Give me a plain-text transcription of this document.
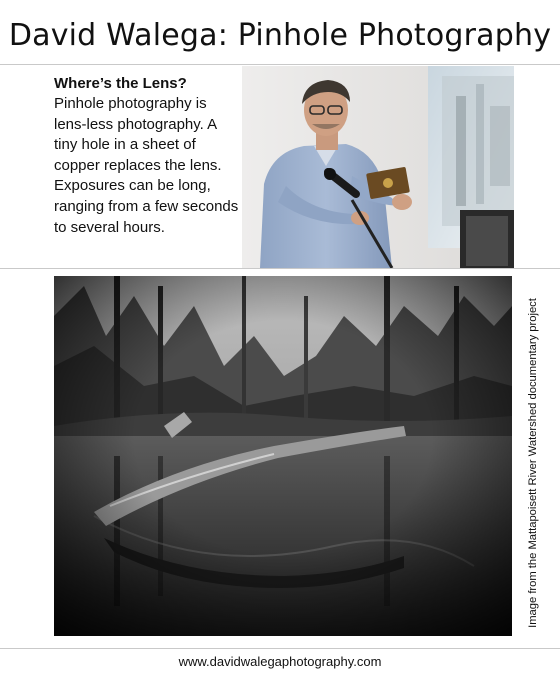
David Walega: Pinhole Photography
Where’s the Lens?
Pinhole photography is lens-less photography. A tiny hole in a sheet of copper replaces the lens. Exposures can be long, ranging from a few seconds to several hours.
Image from the Mattapoisett River Watershed documentary project
www.davidwalegaphotography.com
